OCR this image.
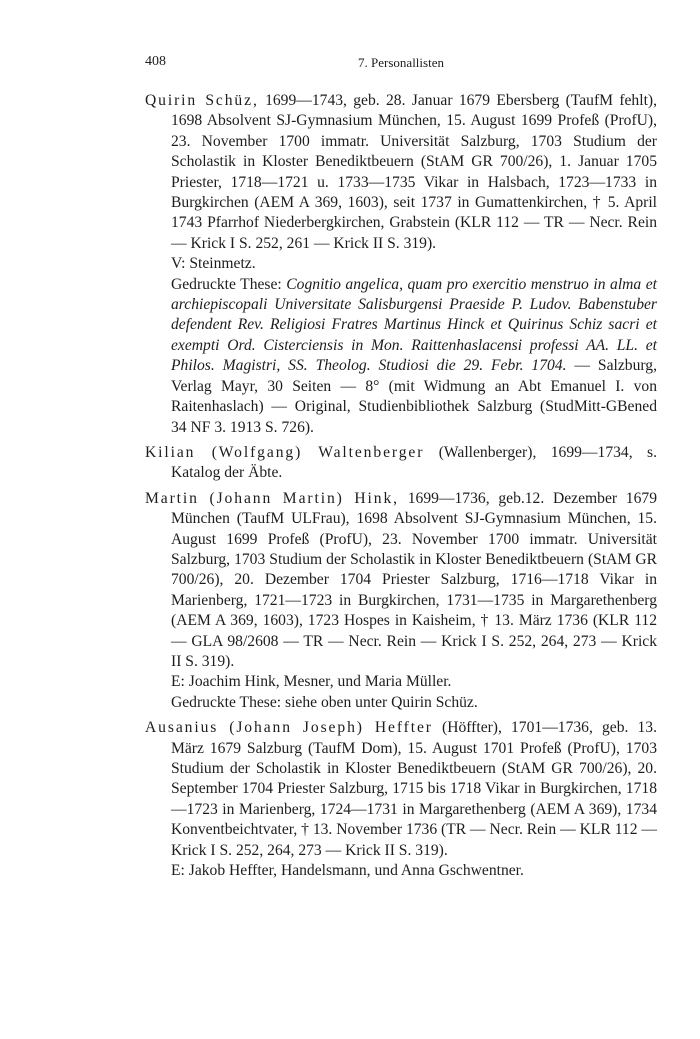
408	7. Personallisten

Quirin Schüz, 1699—1743, geb. 28. Januar 1679 Ebersberg (TaufM fehlt), 1698 Absolvent SJ-Gymnasium München, 15. August 1699 Profeß (ProfU), 23. November 1700 immatr. Universität Salzburg, 1703 Studium der Scholastik in Kloster Benediktbeuern (StAM GR 700/26), 1. Januar 1705 Priester, 1718—1721 u. 1733—1735 Vikar in Halsbach, 1723—1733 in Burgkirchen (AEM A 369, 1603), seit 1737 in Gumattenkirchen, † 5. April 1743 Pfarrhof Niederbergkirchen, Grabstein (KLR 112 — TR — Necr. Rein — Krick I S. 252, 261 — Krick II S. 319).

V: Steinmetz.

Gedruckte These: Cognitio angelica, quam pro exercitio menstruo in alma et archiepiscopali Universitate Salisburgensi Praeside P. Ludov. Babenstuber defendent Rev. Religiosi Fratres Martinus Hinck et Quirinus Schiz sacri et exempti Ord. Cisterciensis in Mon. Raittenhaslacensi professi AA. LL. et Philos. Magistri, SS. Theolog. Studiosi die 29. Febr. 1704. — Salzburg, Verlag Mayr, 30 Seiten — 8° (mit Widmung an Abt Emanuel I. von Raitenhaslach) — Original, Studienbibliothek Salzburg (StudMitt-GBened 34 NF 3. 1913 S. 726).

Kilian (Wolfgang) Waltenberger (Wallenberger), 1699—1734, s. Katalog der Äbte.

Martin (Johann Martin) Hink, 1699—1736, geb.12. Dezember 1679 München (TaufM ULFrau), 1698 Absolvent SJ-Gymnasium München, 15. August 1699 Profeß (ProfU), 23. November 1700 immatr. Universität Salzburg, 1703 Studium der Scholastik in Kloster Benediktbeuern (StAM GR 700/26), 20. Dezember 1704 Priester Salzburg, 1716—1718 Vikar in Marienberg, 1721—1723 in Burgkirchen, 1731—1735 in Margarethenberg (AEM A 369, 1603), 1723 Hospes in Kaisheim, † 13. März 1736 (KLR 112 — GLA 98/2608 — TR — Necr. Rein — Krick I S. 252, 264, 273 — Krick II S. 319).

E: Joachim Hink, Mesner, und Maria Müller.

Gedruckte These: siehe oben unter Quirin Schüz.

Ausanius (Johann Joseph) Heffter (Höffter), 1701—1736, geb. 13. März 1679 Salzburg (TaufM Dom), 15. August 1701 Profeß (ProfU), 1703 Studium der Scholastik in Kloster Benediktbeuern (StAM GR 700/26), 20. September 1704 Priester Salzburg, 1715 bis 1718 Vikar in Burgkirchen, 1718—1723 in Marienberg, 1724—1731 in Margarethenberg (AEM A 369), 1734 Konventbeichtvater, † 13. November 1736 (TR — Necr. Rein — KLR 112 — Krick I S. 252, 264, 273 — Krick II S. 319).

E: Jakob Heffter, Handelsmann, und Anna Gschwentner.
